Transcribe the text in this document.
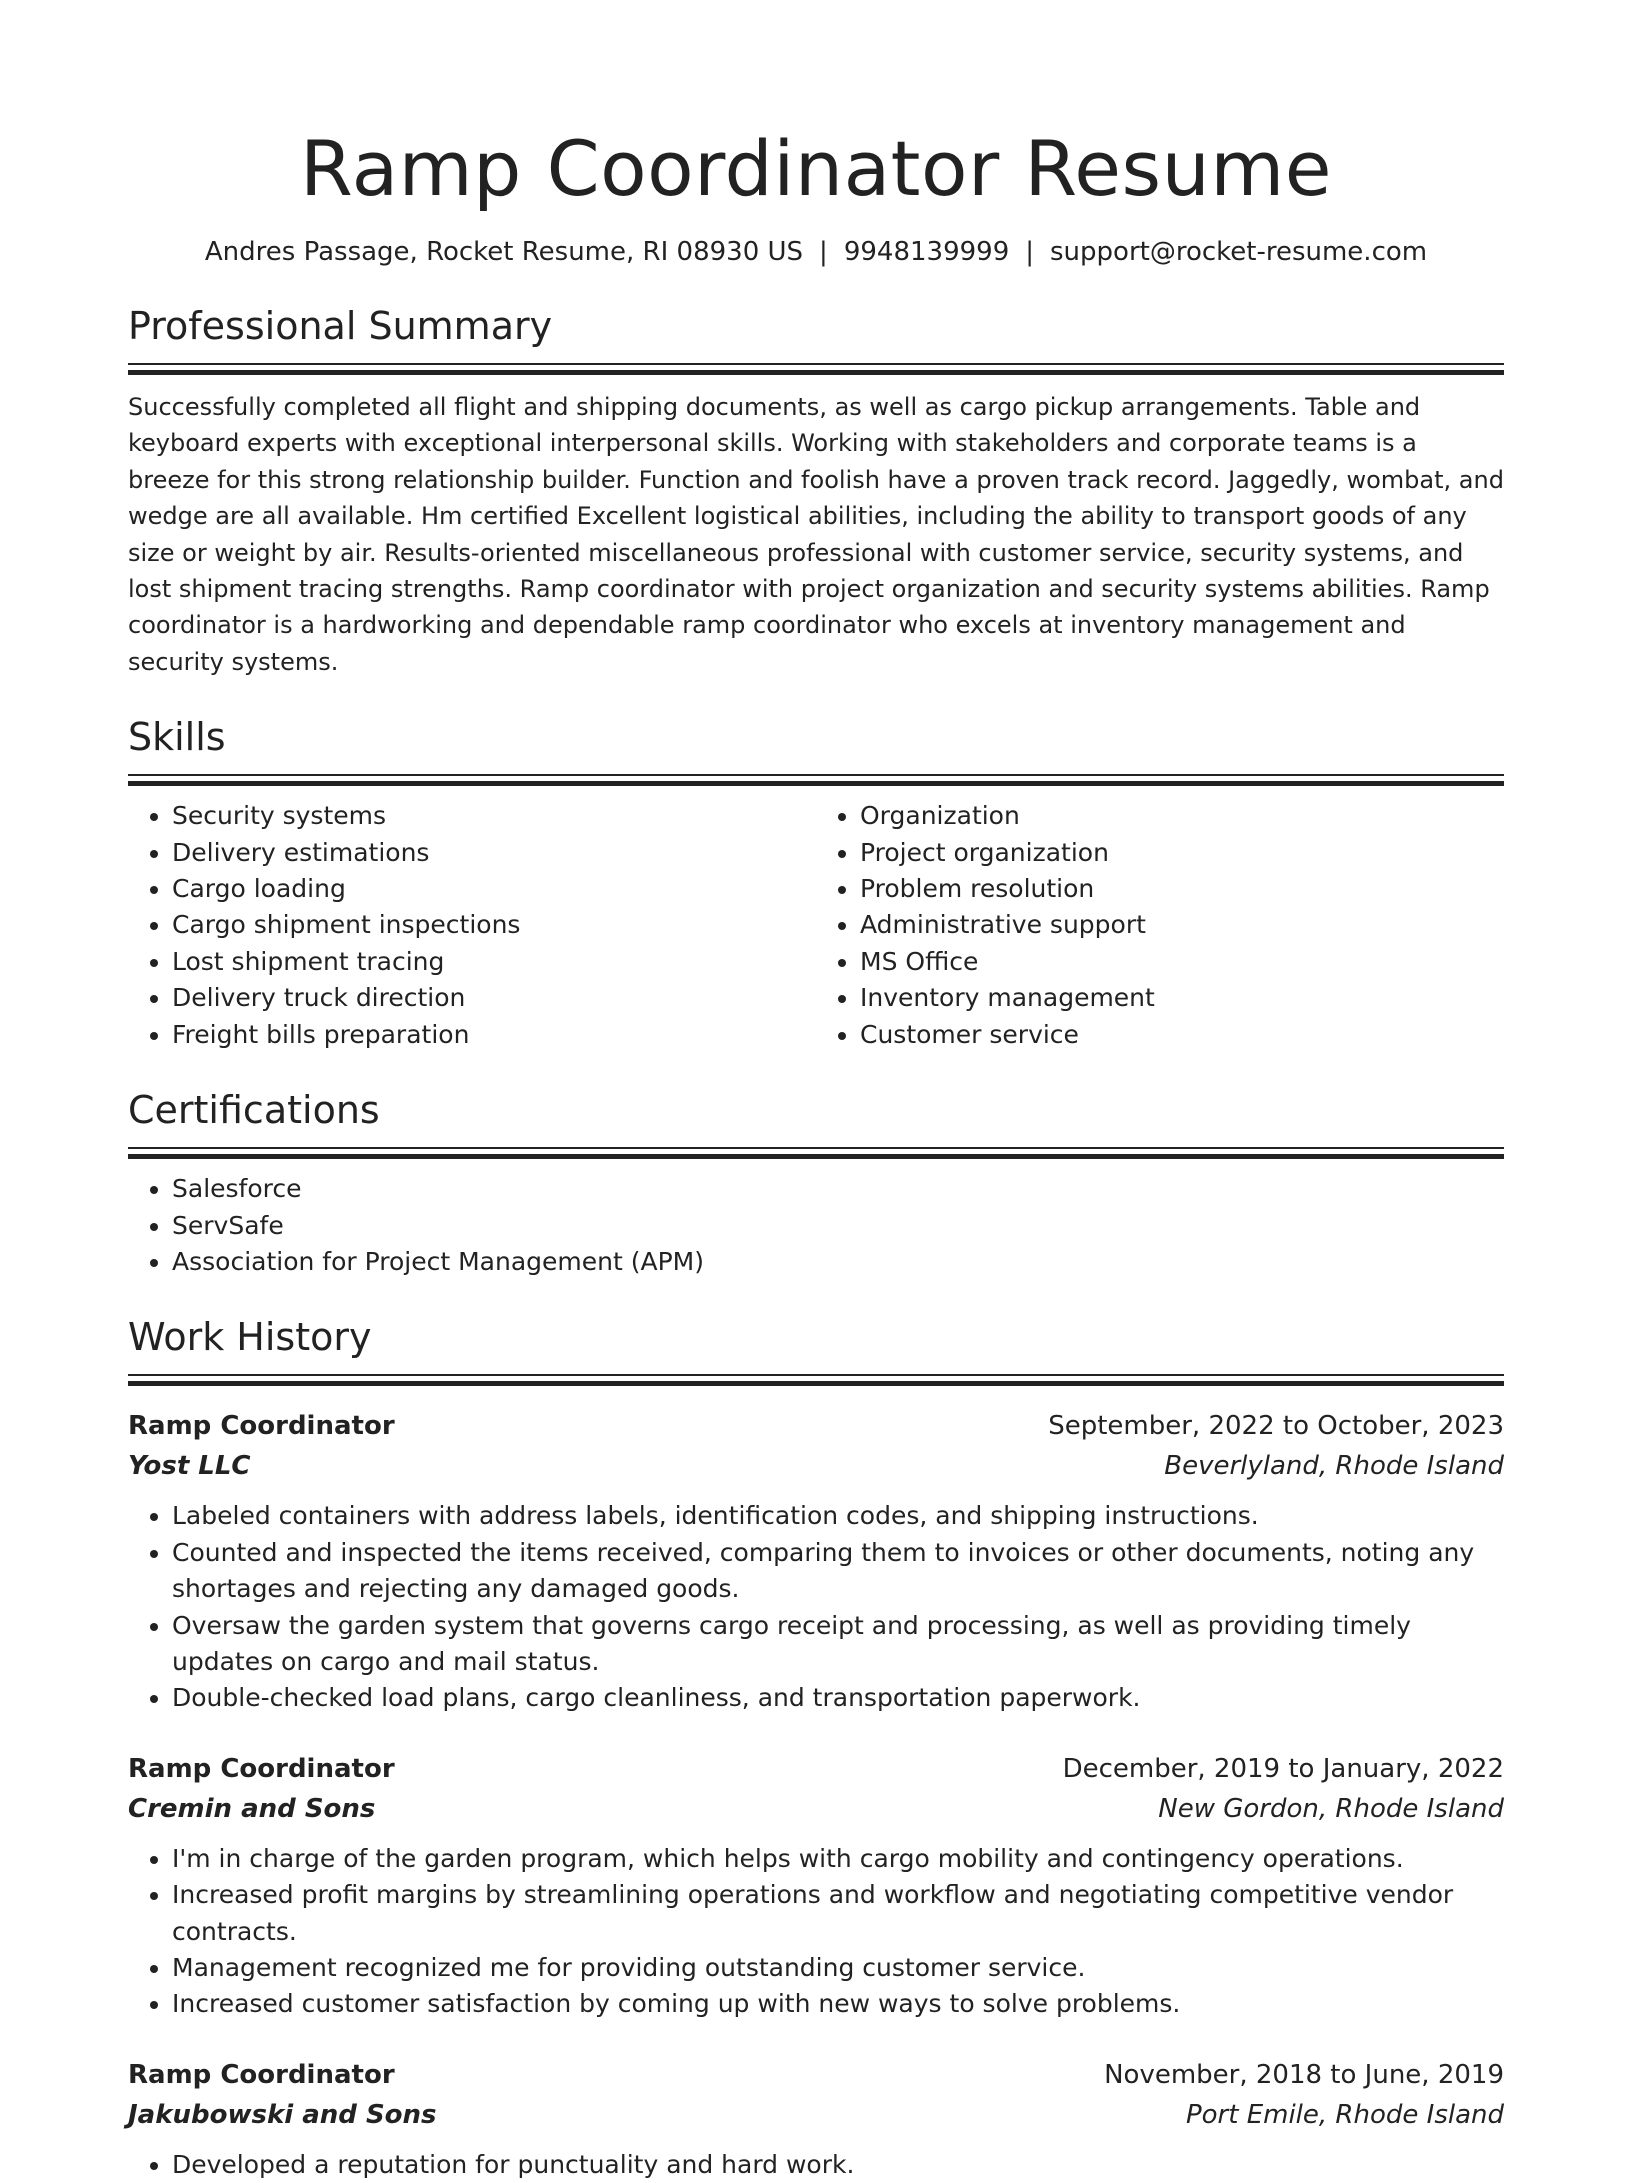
Ramp Coordinator Resume
Andres Passage, Rocket Resume, RI 08930 US | 9948139999 | support@rocket-resume.com
Professional Summary

Successfully completed all flight and shipping documents, as well as cargo pickup arrangements. Table and keyboard experts with exceptional interpersonal skills. Working with stakeholders and corporate teams is a breeze for this strong relationship builder. Function and foolish have a proven track record. Jaggedly, wombat, and wedge are all available. Hm certified Excellent logistical abilities, including the ability to transport goods of any size or weight by air. Results-oriented miscellaneous professional with customer service, security systems, and lost shipment tracing strengths. Ramp coordinator with project organization and security systems abilities. Ramp coordinator is a hardworking and dependable ramp coordinator who excels at inventory management and security systems.

Skills
• Security systems
• Delivery estimations
• Cargo loading
• Cargo shipment inspections
• Lost shipment tracing
• Delivery truck direction
• Freight bills preparation
• Organization
• Project organization
• Problem resolution
• Administrative support
• MS Office
• Inventory management
• Customer service
Certifications
• Salesforce
• ServSafe
• Association for Project Management (APM)
Work History
Ramp Coordinator	September, 2022 to October, 2023
Yost LLC	Beverlyland, Rhode Island
• Labeled containers with address labels, identification codes, and shipping instructions.
• Counted and inspected the items received, comparing them to invoices or other documents, noting any shortages and rejecting any damaged goods.
• Oversaw the garden system that governs cargo receipt and processing, as well as providing timely updates on cargo and mail status.
• Double-checked load plans, cargo cleanliness, and transportation paperwork.
Ramp Coordinator	December, 2019 to January, 2022
Cremin and Sons	New Gordon, Rhode Island
• I'm in charge of the garden program, which helps with cargo mobility and contingency operations.
• Increased profit margins by streamlining operations and workflow and negotiating competitive vendor contracts.
• Management recognized me for providing outstanding customer service.
• Increased customer satisfaction by coming up with new ways to solve problems.
Ramp Coordinator	November, 2018 to June, 2019
Jakubowski and Sons	Port Emile, Rhode Island
• Developed a reputation for punctuality and hard work.
